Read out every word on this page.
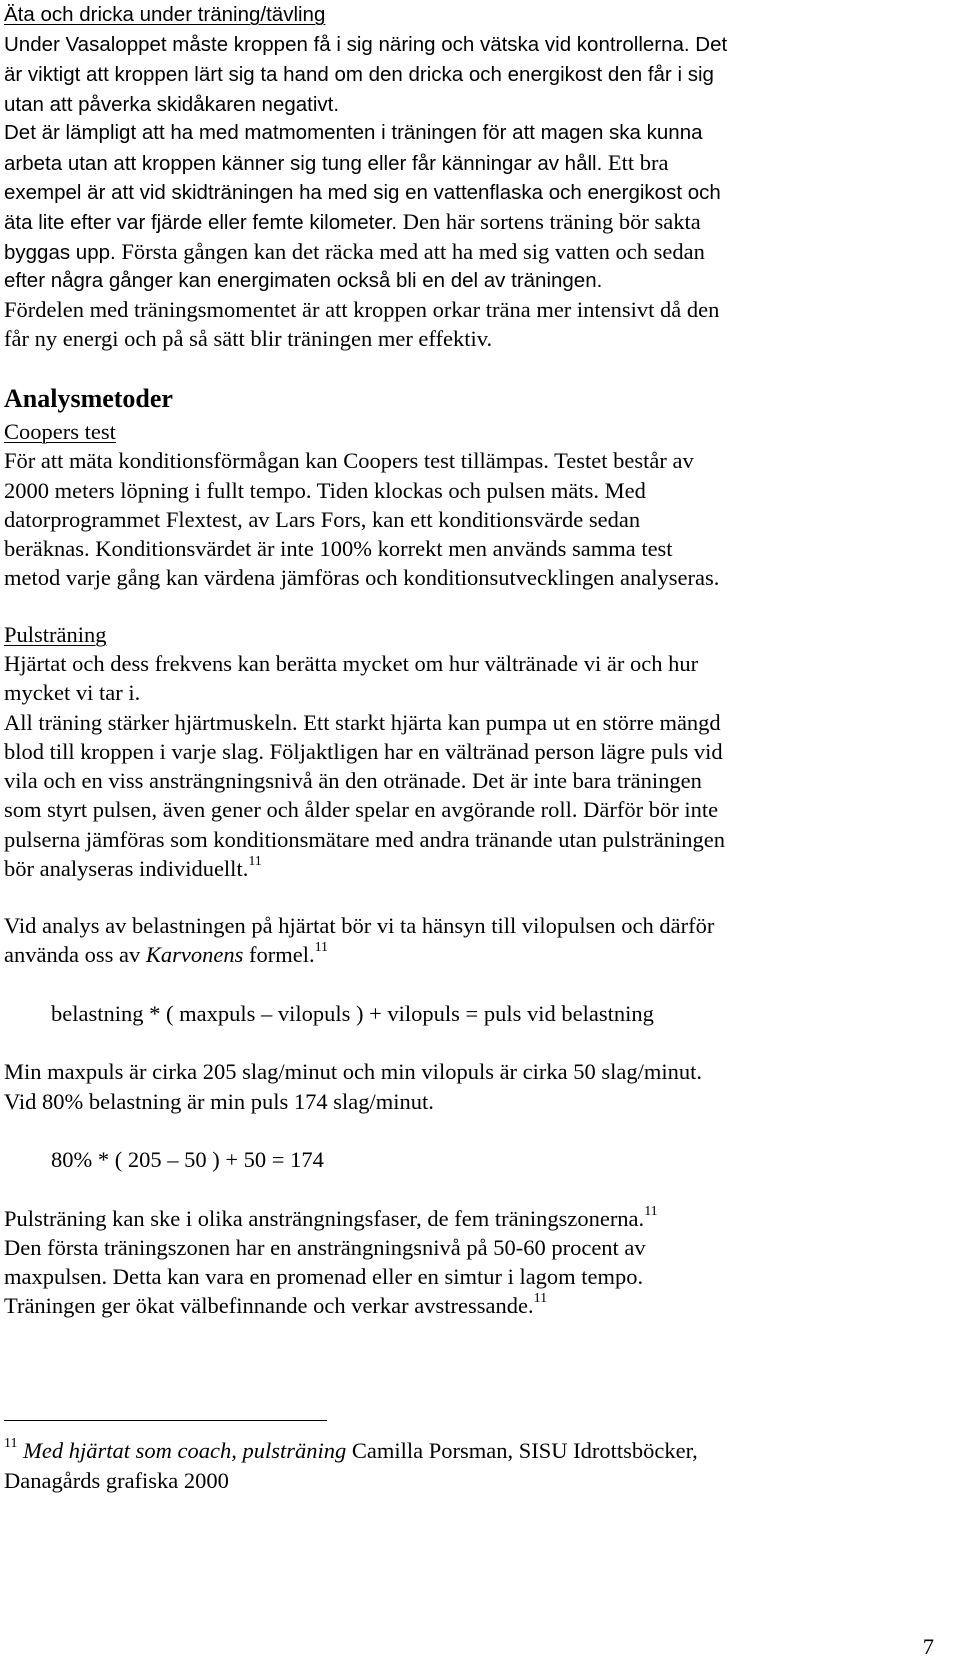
Äta och dricka under träning/tävling
Under Vasaloppet måste kroppen få i sig näring och vätska vid kontrollerna. Det
är viktigt att kroppen lärt sig ta hand om den dricka och energikost den får i sig
utan att påverka skidåkaren negativt.
Det är lämpligt att ha med matmomenten i träningen för att magen ska kunna
arbeta utan att kroppen känner sig tung eller får känningar av håll. Ett bra
exempel är att vid skidträningen ha med sig en vattenflaska och energikost och
äta lite efter var fjärde eller femte kilometer. Den här sortens träning bör sakta
byggas upp. Första gången kan det räcka med att ha med sig vatten och sedan
efter några gånger kan energimaten också bli en del av träningen.
Fördelen med träningsmomentet är att kroppen orkar träna mer intensivt då den
får ny energi och på så sätt blir träningen mer effektiv.
Analysmetoder
Coopers test
För att mäta konditionsförmågan kan Coopers test tillämpas. Testet består av
2000 meters löpning i fullt tempo. Tiden klockas och pulsen mäts. Med
datorprogrammet Flextest, av Lars Fors, kan ett konditionsvärde sedan
beräknas. Konditionsvärdet är inte 100% korrekt men används samma test
metod varje gång kan värdena jämföras och konditionsutvecklingen analyseras.
Pulsträning
Hjärtat och dess frekvens kan berätta mycket om hur vältränade vi är och hur
mycket vi tar i.
All träning stärker hjärtmuskeln. Ett starkt hjärta kan pumpa ut en större mängd
blod till kroppen i varje slag. Följaktligen har en vältränad person lägre puls vid
vila och en viss ansträngningsnivå än den otränade. Det är inte bara träningen
som styrt pulsen, även gener och ålder spelar en avgörande roll. Därför bör inte
pulserna jämföras som konditionsmätare med andra tränande utan pulsträningen
bör analyseras individuellt.$^{11}$
Vid analys av belastningen på hjärtat bör vi ta hänsyn till vilopulsen och därför
använda oss av Karvonens formel.$^{11}$
belastning * ( maxpuls – vilopuls ) + vilopuls = puls vid belastning
Min maxpuls är cirka 205 slag/minut och min vilopuls är cirka 50 slag/minut.
Vid 80% belastning är min puls 174 slag/minut.
80% * ( 205 – 50 ) + 50 = 174
Pulsträning kan ske i olika ansträngningsfaser, de fem träningszonerna.$^{11}$
Den första träningszonen har en ansträngningsnivå på 50-60 procent av
maxpulsen. Detta kan vara en promenad eller en simtur i lagom tempo.
Träningen ger ökat välbefinnande och verkar avstressande.$^{11}$
$^{11}$ Med hjärtat som coach, pulsträning Camilla Porsman, SISU Idrottsböcker,
Danagårds grafiska 2000
7
